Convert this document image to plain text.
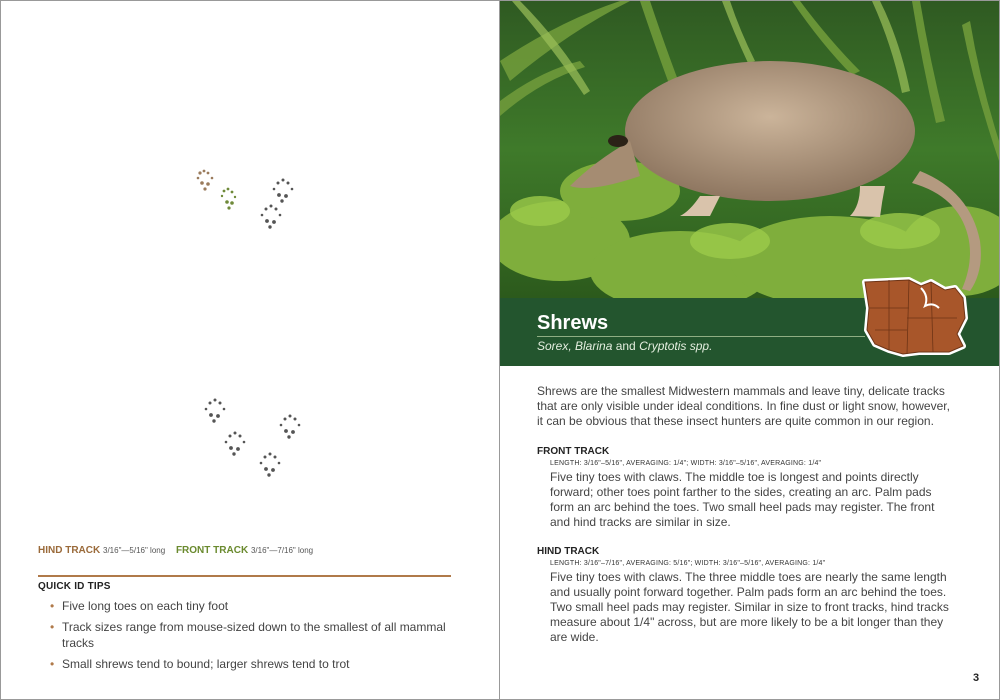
HIND TRACK 3/16"—5/16" long FRONT TRACK 3/16"—7/16" long
QUICK ID TIPS
• Five long toes on each tiny foot
• Track sizes range from mouse-sized down to the smallest of all mammal tracks
• Small shrews tend to bound; larger shrews tend to trot
Shrews
Sorex, Blarina and Cryptotis spp.
Shrews are the smallest Midwestern mammals and leave tiny, delicate tracks that are only visible under ideal conditions. In fine dust or light snow, however, it can be obvious that these insect hunters are quite common in our region.
FRONT TRACK
LENGTH: 3/16"–5/16", AVERAGING: 1/4"; WIDTH: 3/16"–5/16", AVERAGING: 1/4"
Five tiny toes with claws. The middle toe is longest and points directly forward; other toes point farther to the sides, creating an arc. Palm pads form an arc behind the toes. Two small heel pads may register. The front and hind tracks are similar in size.
HIND TRACK
LENGTH: 3/16"–7/16", AVERAGING: 5/16"; WIDTH: 3/16"–5/16", AVERAGING: 1/4"
Five tiny toes with claws. The three middle toes are nearly the same length and usually point forward together. Palm pads form an arc behind the toes. Two small heel pads may register. Similar in size to front tracks, hind tracks measure about 1/4" across, but are more likely to be a bit longer than they are wide.
3
